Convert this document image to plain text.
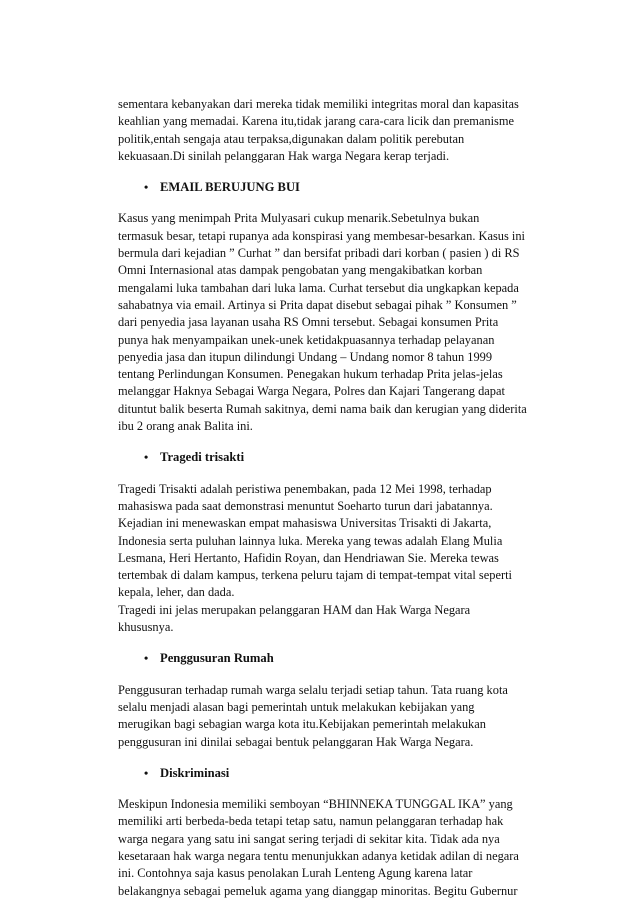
sementara kebanyakan dari mereka tidak memiliki integritas moral dan kapasitas
keahlian yang memadai. Karena itu,tidak jarang cara-cara licik dan premanisme
politik,entah sengaja atau terpaksa,digunakan dalam politik perebutan
kekuasaan.Di sinilah pelanggaran Hak warga Negara kerap terjadi.
• EMAIL BERUJUNG BUI
Kasus yang menimpah Prita Mulyasari cukup menarik.Sebetulnya bukan
termasuk besar, tetapi rupanya ada konspirasi yang membesar-besarkan. Kasus ini
bermula dari kejadian ” Curhat ” dan bersifat pribadi dari korban ( pasien ) di RS
Omni Internasional atas dampak pengobatan yang mengakibatkan korban
mengalami luka tambahan dari luka lama. Curhat tersebut dia ungkapkan kepada
sahabatnya via email. Artinya si Prita dapat disebut sebagai pihak ” Konsumen ”
dari penyedia jasa layanan usaha RS Omni tersebut. Sebagai konsumen Prita
punya hak menyampaikan unek-unek ketidakpuasannya terhadap pelayanan
penyedia jasa dan itupun dilindungi Undang – Undang nomor 8 tahun 1999
tentang Perlindungan Konsumen. Penegakan hukum terhadap Prita jelas-jelas
melanggar Haknya Sebagai Warga Negara, Polres dan Kajari Tangerang dapat
dituntut balik beserta Rumah sakitnya, demi nama baik dan kerugian yang diderita
ibu 2 orang anak Balita ini.
• Tragedi trisakti
Tragedi Trisakti adalah peristiwa penembakan, pada 12 Mei 1998, terhadap
mahasiswa pada saat demonstrasi menuntut Soeharto turun dari jabatannya.
Kejadian ini menewaskan empat mahasiswa Universitas Trisakti di Jakarta,
Indonesia serta puluhan lainnya luka. Mereka yang tewas adalah Elang Mulia
Lesmana, Heri Hertanto, Hafidin Royan, dan Hendriawan Sie. Mereka tewas
tertembak di dalam kampus, terkena peluru tajam di tempat-tempat vital seperti
kepala, leher, dan dada.
Tragedi ini jelas merupakan pelanggaran HAM dan Hak Warga Negara
khususnya.
• Penggusuran Rumah
Penggusuran terhadap rumah warga selalu terjadi setiap tahun. Tata ruang kota
selalu menjadi alasan bagi pemerintah untuk melakukan kebijakan yang
merugikan bagi sebagian warga kota itu.Kebijakan pemerintah melakukan
penggusuran ini dinilai sebagai bentuk pelanggaran Hak Warga Negara.
• Diskriminasi
Meskipun Indonesia memiliki semboyan “BHINNEKA TUNGGAL IKA” yang
memiliki arti berbeda-beda tetapi tetap satu, namun pelanggaran terhadap hak
warga negara yang satu ini sangat sering terjadi di sekitar kita. Tidak ada nya
kesetaraan hak warga negara tentu menunjukkan adanya ketidak adilan di negara
ini. Contohnya saja kasus penolakan Lurah Lenteng Agung karena latar
belakangnya sebagai pemeluk agama yang dianggap minoritas. Begitu Gubernur
